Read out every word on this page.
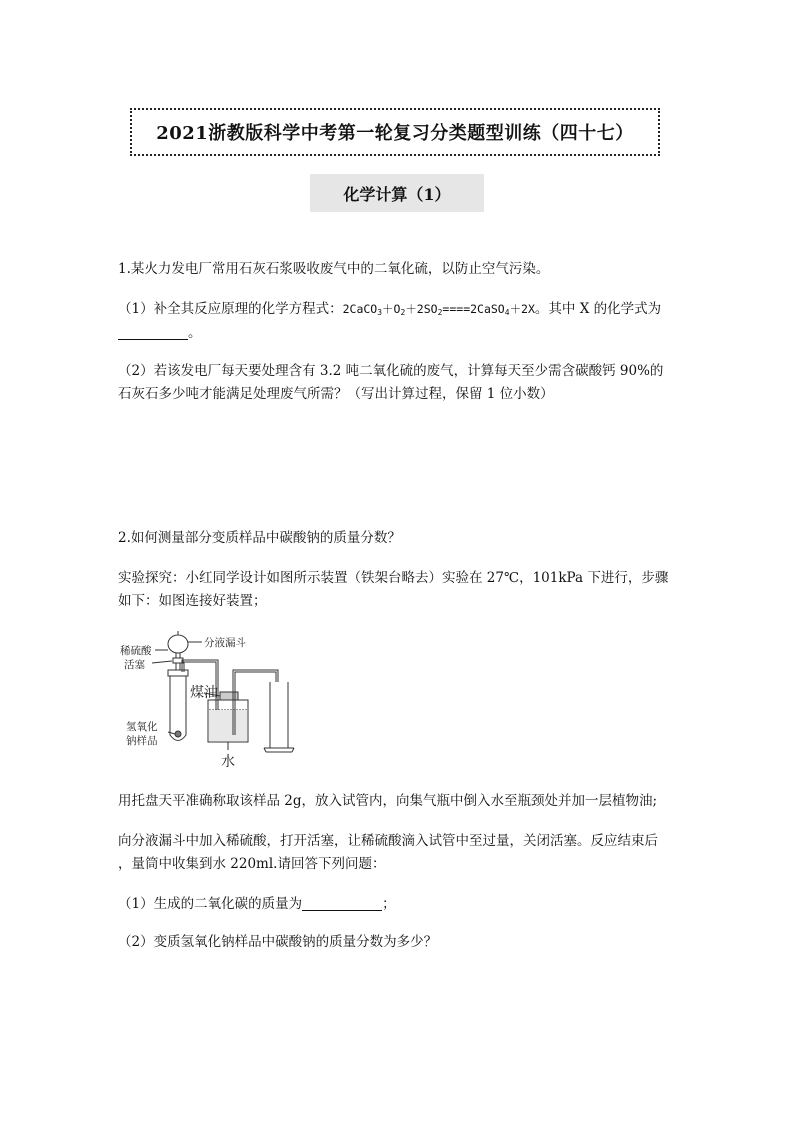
2021浙教版科学中考第一轮复习分类题型训练（四十七）
化学计算（1）
1.某火力发电厂常用石灰石浆吸收废气中的二氧化硫，以防止空气污染。
（1）补全其反应原理的化学方程式：$2CaCO_3+O_2+2SO_2====2CaSO_4+2X$。其中 X 的化学式为
。
（2）若该发电厂每天要处理含有 3.2 吨二氧化硫的废气，计算每天至少需含碳酸钙 90%的
石灰石多少吨才能满足处理废气所需？（写出计算过程，保留 1 位小数）
2.如何测量部分变质样品中碳酸钠的质量分数？
实验探究：小红同学设计如图所示装置（铁架台略去）实验在 27℃，101kPa 下进行，步骤
如下：如图连接好装置；
稀硫酸
分液漏斗
活塞
氢氧化
钠样品
煤油
水
用托盘天平准确称取该样品 2g，放入试管内，向集气瓶中倒入水至瓶颈处并加一层植物油;
向分液漏斗中加入稀硫酸，打开活塞，让稀硫酸滴入试管中至过量，关闭活塞。反应结束后
，量筒中收集到水 220ml.请回答下列问题：
（1）生成的二氧化碳的质量为	；
（2）变质氢氧化钠样品中碳酸钠的质量分数为多少？
